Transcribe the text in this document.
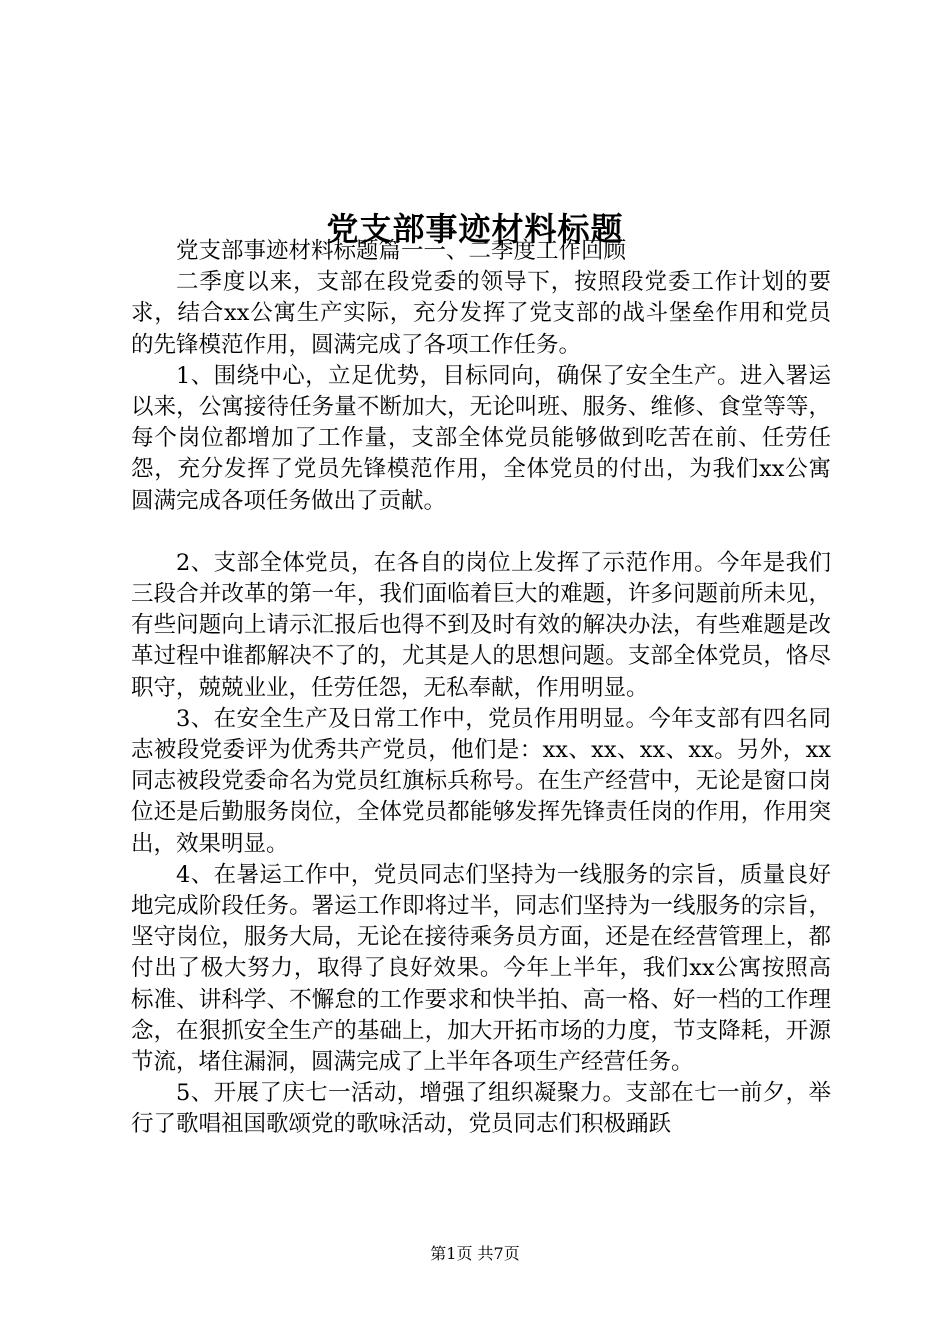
党支部事迹材料标题

党支部事迹材料标题篇一一、二季度工作回顾

二季度以来，支部在段党委的领导下，按照段党委工作计划的要求，结合xx公寓生产实际，充分发挥了党支部的战斗堡垒作用和党员的先锋模范作用，圆满完成了各项工作任务。

1、围绕中心，立足优势，目标同向，确保了安全生产。进入署运以来，公寓接待任务量不断加大，无论叫班、服务、维修、食堂等等，每个岗位都增加了工作量，支部全体党员能够做到吃苦在前、任劳任怨，充分发挥了党员先锋模范作用，全体党员的付出，为我们xx公寓圆满完成各项任务做出了贡献。

2、支部全体党员，在各自的岗位上发挥了示范作用。今年是我们三段合并改革的第一年，我们面临着巨大的难题，许多问题前所未见，有些问题向上请示汇报后也得不到及时有效的解决办法，有些难题是改革过程中谁都解决不了的，尤其是人的思想问题。支部全体党员，恪尽职守，兢兢业业，任劳任怨，无私奉献，作用明显。

3、在安全生产及日常工作中，党员作用明显。今年支部有四名同志被段党委评为优秀共产党员，他们是：xx、xx、xx、xx。另外，xx同志被段党委命名为党员红旗标兵称号。在生产经营中，无论是窗口岗位还是后勤服务岗位，全体党员都能够发挥先锋责任岗的作用，作用突出，效果明显。

4、在暑运工作中，党员同志们坚持为一线服务的宗旨，质量良好地完成阶段任务。署运工作即将过半，同志们坚持为一线服务的宗旨，坚守岗位，服务大局，无论在接待乘务员方面，还是在经营管理上，都付出了极大努力，取得了良好效果。今年上半年，我们xx公寓按照高标准、讲科学、不懈怠的工作要求和快半拍、高一格、好一档的工作理念，在狠抓安全生产的基础上，加大开拓市场的力度，节支降耗，开源节流，堵住漏洞，圆满完成了上半年各项生产经营任务。

5、开展了庆七一活动，增强了组织凝聚力。支部在七一前夕，举行了歌唱祖国歌颂党的歌咏活动，党员同志们积极踊跃

第1页 共7页
